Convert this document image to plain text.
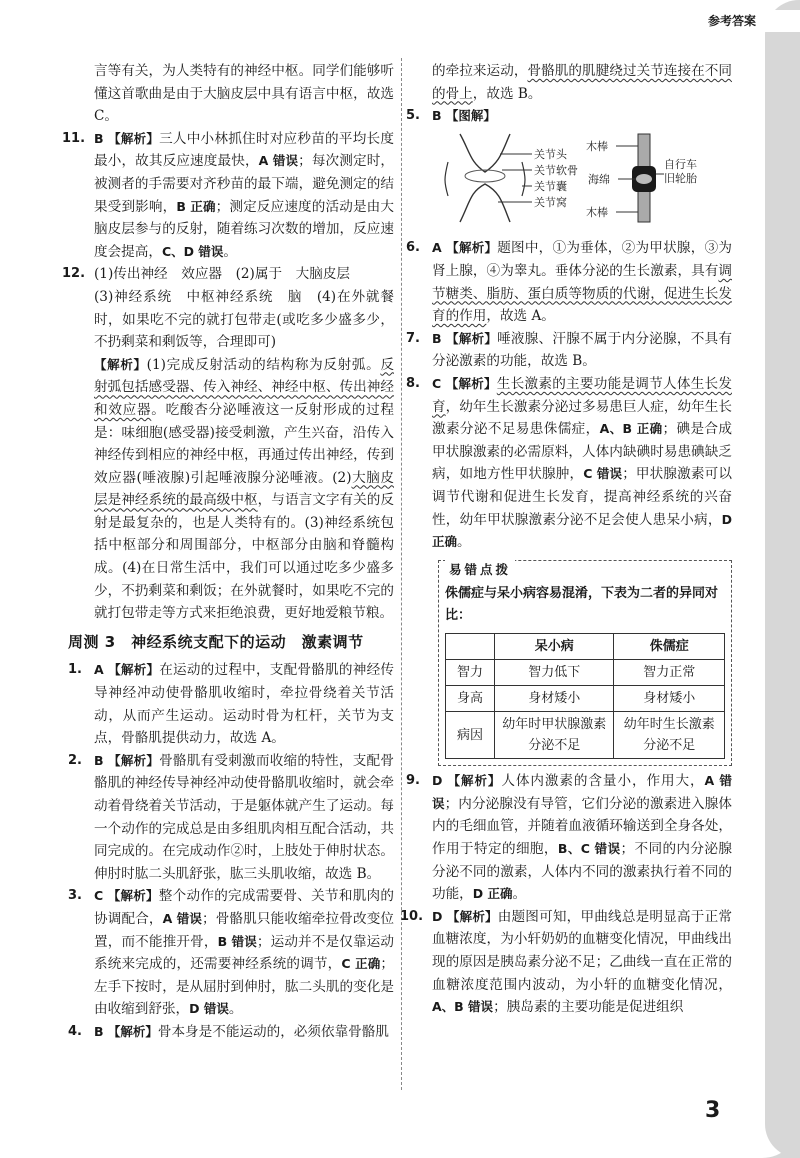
参考答案

言等有关，为人类特有的神经中枢。同学们能够听懂这首歌曲是由于大脑皮层中具有语言中枢，故选 C。

11. B 【解析】三人中小林抓住时对应秒苗的平均长度最小，故其反应速度最快，A 错误；每次测定时，被测者的手需要对齐秒苗的最下端，避免测定的结果受到影响，B 正确；测定反应速度的活动是由大脑皮层参与的反射，随着练习次数的增加，反应速度会提高，C、D 错误。

12. (1)传出神经　效应器　(2)属于　大脑皮层

(3)神经系统　中枢神经系统　脑　(4)在外就餐时，如果吃不完的就打包带走(或吃多少盛多少，不扔剩菜和剩饭等，合理即可)

【解析】(1)完成反射活动的结构称为反射弧。反射弧包括感受器、传入神经、神经中枢、传出神经和效应器。吃酸杏分泌唾液这一反射形成的过程是：味细胞(感受器)接受刺激，产生兴奋，沿传入神经传到相应的神经中枢，再通过传出神经，传到效应器(唾液腺)引起唾液腺分泌唾液。(2)大脑皮层是神经系统的最高级中枢，与语言文字有关的反射是最复杂的，也是人类特有的。(3)神经系统包括中枢部分和周围部分，中枢部分由脑和脊髓构成。(4)在日常生活中，我们可以通过吃多少盛多少，不扔剩菜和剩饭；在外就餐时，如果吃不完的就打包带走等方式来拒绝浪费，更好地爱粮节粮。

周测 3　神经系统支配下的运动　激素调节
1. A 【解析】在运动的过程中，支配骨骼肌的神经传导神经冲动使骨骼肌收缩时，牵拉骨绕着关节活动，从而产生运动。运动时骨为杠杆，关节为支点，骨骼肌提供动力，故选 A。

2. B 【解析】骨骼肌有受刺激而收缩的特性，支配骨骼肌的神经传导神经冲动使骨骼肌收缩时，就会牵动着骨绕着关节活动，于是躯体就产生了运动。每一个动作的完成总是由多组肌肉相互配合活动，共同完成的。在完成动作②时，上肢处于伸肘状态。伸肘时肱二头肌舒张，肱三头肌收缩，故选 B。

3. C 【解析】整个动作的完成需要骨、关节和肌肉的协调配合，A 错误；骨骼肌只能收缩牵拉骨改变位置，而不能推开骨，B 错误；运动并不是仅靠运动系统来完成的，还需要神经系统的调节，C 正确；左手下按时，是从屈肘到伸肘，肱二头肌的变化是由收缩到舒张，D 错误。

4. B 【解析】骨本身是不能运动的，必须依靠骨骼肌

的牵拉来运动，骨骼肌的肌腱绕过关节连接在不同的骨上，故选 B。

5. B 【图解】

关节头
关节软骨
关节囊
关节窝
木棒
海绵
自行车
旧轮胎
木棒
6. A 【解析】题图中，①为垂体，②为甲状腺，③为肾上腺，④为睾丸。垂体分泌的生长激素，具有调节糖类、脂肪、蛋白质等物质的代谢，促进生长发育的作用，故选 A。

7. B 【解析】唾液腺、汗腺不属于内分泌腺，不具有分泌激素的功能，故选 B。

8. C 【解析】生长激素的主要功能是调节人体生长发育，幼年生长激素分泌过多易患巨人症，幼年生长激素分泌不足易患侏儒症，A、B 正确；碘是合成甲状腺激素的必需原料，人体内缺碘时易患碘缺乏病，如地方性甲状腺肿，C 错误；甲状腺激素可以调节代谢和促进生长发育，提高神经系统的兴奋性，幼年甲状腺激素分泌不足会使人患呆小病，D 正确。

易错点拨
侏儒症与呆小病容易混淆，下表为二者的异同对比：
	呆小病	侏儒症
智力	智力低下	智力正常
身高	身材矮小	身材矮小
病因	幼年时甲状腺激素分泌不足	幼年时生长激素分泌不足
9. D 【解析】人体内激素的含量小，作用大，A 错误；内分泌腺没有导管，它们分泌的激素进入腺体内的毛细血管，并随着血液循环输送到全身各处，作用于特定的细胞，B、C 错误；不同的内分泌腺分泌不同的激素，人体内不同的激素执行着不同的功能，D 正确。

10. D 【解析】由题图可知，甲曲线总是明显高于正常血糖浓度，为小轩奶奶的血糖变化情况，甲曲线出现的原因是胰岛素分泌不足；乙曲线一直在正常的血糖浓度范围内波动，为小轩的血糖变化情况，A、B 错误；胰岛素的主要功能是促进组织

3
